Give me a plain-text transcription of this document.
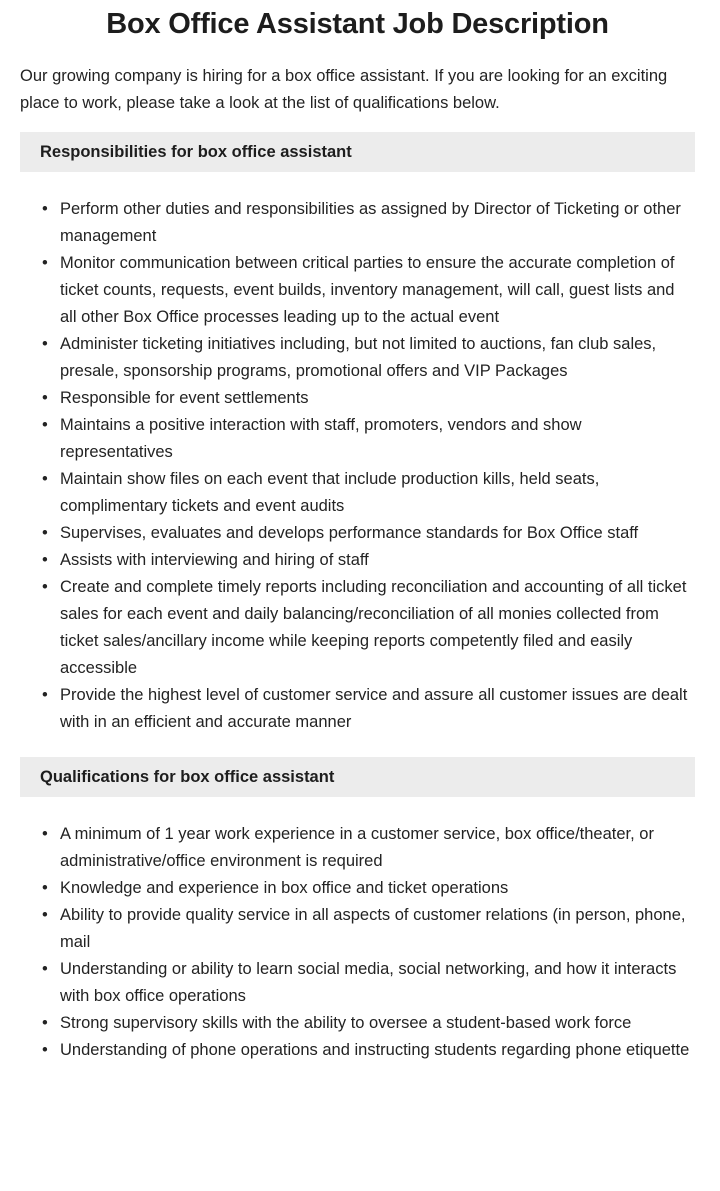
Box Office Assistant Job Description

Our growing company is hiring for a box office assistant. If you are looking for an exciting place to work, please take a look at the list of qualifications below.

Responsibilities for box office assistant
• Perform other duties and responsibilities as assigned by Director of Ticketing or other management
• Monitor communication between critical parties to ensure the accurate completion of ticket counts, requests, event builds, inventory management, will call, guest lists and all other Box Office processes leading up to the actual event
• Administer ticketing initiatives including, but not limited to auctions, fan club sales, presale, sponsorship programs, promotional offers and VIP Packages
• Responsible for event settlements
• Maintains a positive interaction with staff, promoters, vendors and show representatives
• Maintain show files on each event that include production kills, held seats, complimentary tickets and event audits
• Supervises, evaluates and develops performance standards for Box Office staff
• Assists with interviewing and hiring of staff
• Create and complete timely reports including reconciliation and accounting of all ticket sales for each event and daily balancing/reconciliation of all monies collected from ticket sales/ancillary income while keeping reports competently filed and easily accessible
• Provide the highest level of customer service and assure all customer issues are dealt with in an efficient and accurate manner
Qualifications for box office assistant
• A minimum of 1 year work experience in a customer service, box office/theater, or administrative/office environment is required
• Knowledge and experience in box office and ticket operations
• Ability to provide quality service in all aspects of customer relations (in person, phone, mail
• Understanding or ability to learn social media, social networking, and how it interacts with box office operations
• Strong supervisory skills with the ability to oversee a student-based work force
• Understanding of phone operations and instructing students regarding phone etiquette
